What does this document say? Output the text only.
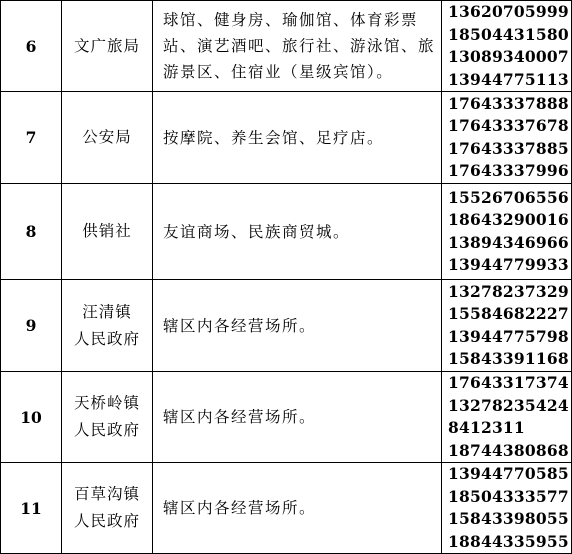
6	文广旅局	球馆、健身房、瑜伽馆、体育彩票站、演艺酒吧、旅行社、游泳馆、旅游景区、住宿业（星级宾馆）。	13620705999
18504431580
13089340007
13944775113

7	公安局	按摩院、养生会馆、足疗店。	17643337888
17643337678
17643337885
17643337996

8	供销社	友谊商场、民族商贸城。	15526706556
18643290016
13894346966
13944779933

9	汪清镇
人民政府	辖区内各经营场所。	13278237329
15584682227
13944775798
15843391168

10	天桥岭镇
人民政府	辖区内各经营场所。	17643317374
13278235424
8412311
18744380868

11	百草沟镇
人民政府	辖区内各经营场所。	13944770585
18504333577
15843398055
18844335955
